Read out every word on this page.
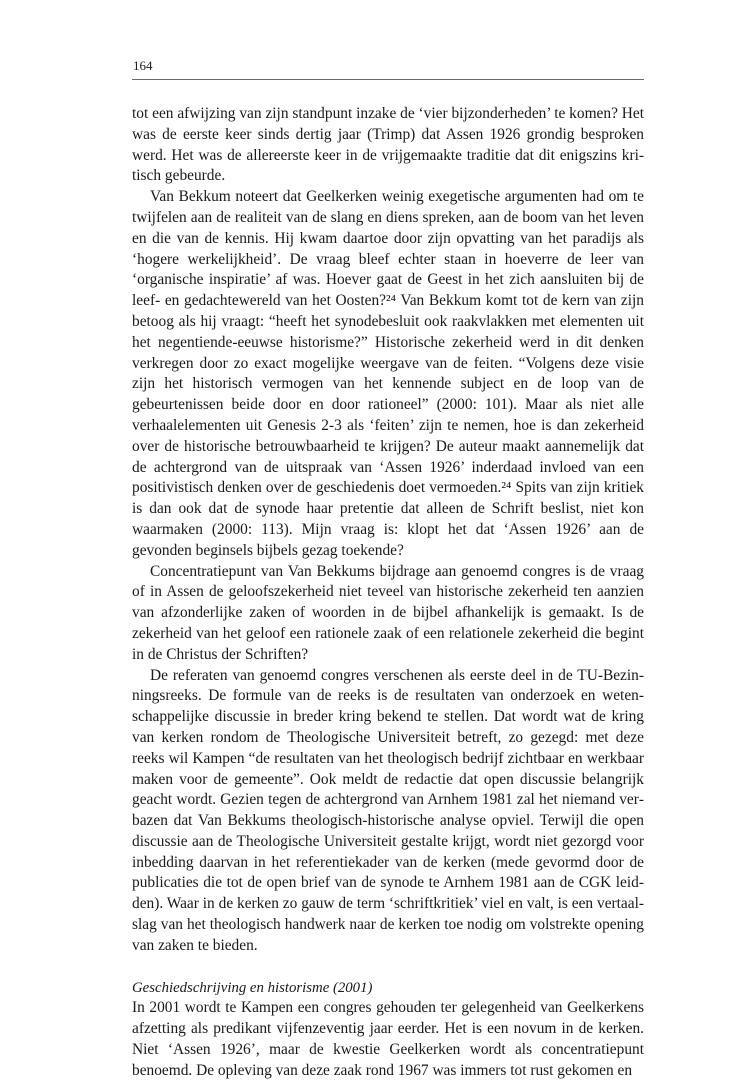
164

tot een afwijzing van zijn standpunt inzake de ‘vier bijzonderheden’ te komen? Het was de eerste keer sinds dertig jaar (Trimp) dat Assen 1926 grondig besproken werd. Het was de allereerste keer in de vrijgemaakte traditie dat dit enigszins kritisch gebeurde.

Van Bekkum noteert dat Geelkerken weinig exegetische argumenten had om te twijfelen aan de realiteit van de slang en diens spreken, aan de boom van het leven en die van de kennis. Hij kwam daartoe door zijn opvatting van het paradijs als ‘hogere werkelijkheid’. De vraag bleef echter staan in hoeverre de leer van ‘organische inspiratie’ af was. Hoever gaat de Geest in het zich aansluiten bij de leef- en gedachtewereld van het Oosten?²⁴ Van Bekkum komt tot de kern van zijn betoog als hij vraagt: “heeft het synodebesluit ook raakvlakken met elementen uit het negentiende-eeuwse historisme?” Historische zekerheid werd in dit denken verkregen door zo exact mogelijke weergave van de feiten. “Volgens deze visie zijn het historisch vermogen van het kennende subject en de loop van de gebeurtenissen beide door en door rationeel” (2000: 101). Maar als niet alle verhaalelementen uit Genesis 2-3 als ‘feiten’ zijn te nemen, hoe is dan zekerheid over de historische betrouwbaarheid te krijgen? De auteur maakt aannemelijk dat de achtergrond van de uitspraak van ‘Assen 1926’ inderdaad invloed van een positivistisch denken over de geschiedenis doet vermoeden.²⁴ Spits van zijn kritiek is dan ook dat de synode haar pretentie dat alleen de Schrift beslist, niet kon waarmaken (2000: 113). Mijn vraag is: klopt het dat ‘Assen 1926’ aan de gevonden beginsels bijbels gezag toekende?

Concentratiepunt van Van Bekkums bijdrage aan genoemd congres is de vraag of in Assen de geloofszekerheid niet teveel van historische zekerheid ten aanzien van afzonderlijke zaken of woorden in de bijbel afhankelijk is gemaakt. Is de zekerheid van het geloof een rationele zaak of een relationele zekerheid die begint in de Christus der Schriften?

De referaten van genoemd congres verschenen als eerste deel in de TU-Bezinningsreeks. De formule van de reeks is de resultaten van onderzoek en wetenschappelijke discussie in breder kring bekend te stellen. Dat wordt wat de kring van kerken rondom de Theologische Universiteit betreft, zo gezegd: met deze reeks wil Kampen “de resultaten van het theologisch bedrijf zichtbaar en werkbaar maken voor de gemeente”. Ook meldt de redactie dat open discussie belangrijk geacht wordt. Gezien tegen de achtergrond van Arnhem 1981 zal het niemand verbazen dat Van Bekkums theologisch-historische analyse opviel. Terwijl die open discussie aan de Theologische Universiteit gestalte krijgt, wordt niet gezorgd voor inbedding daarvan in het referentiekader van de kerken (mede gevormd door de publicaties die tot de open brief van de synode te Arnhem 1981 aan de CGK leidden). Waar in de kerken zo gauw de term ‘schriftkritiek’ viel en valt, is een vertaalslag van het theologisch handwerk naar de kerken toe nodig om volstrekte opening van zaken te bieden.

Geschiedschrijving en historisme (2001)

In 2001 wordt te Kampen een congres gehouden ter gelegenheid van Geelkerkens afzetting als predikant vijfenzeventig jaar eerder. Het is een novum in de kerken. Niet ‘Assen 1926’, maar de kwestie Geelkerken wordt als concentratiepunt benoemd. De opleving van deze zaak rond 1967 was immers tot rust gekomen en
